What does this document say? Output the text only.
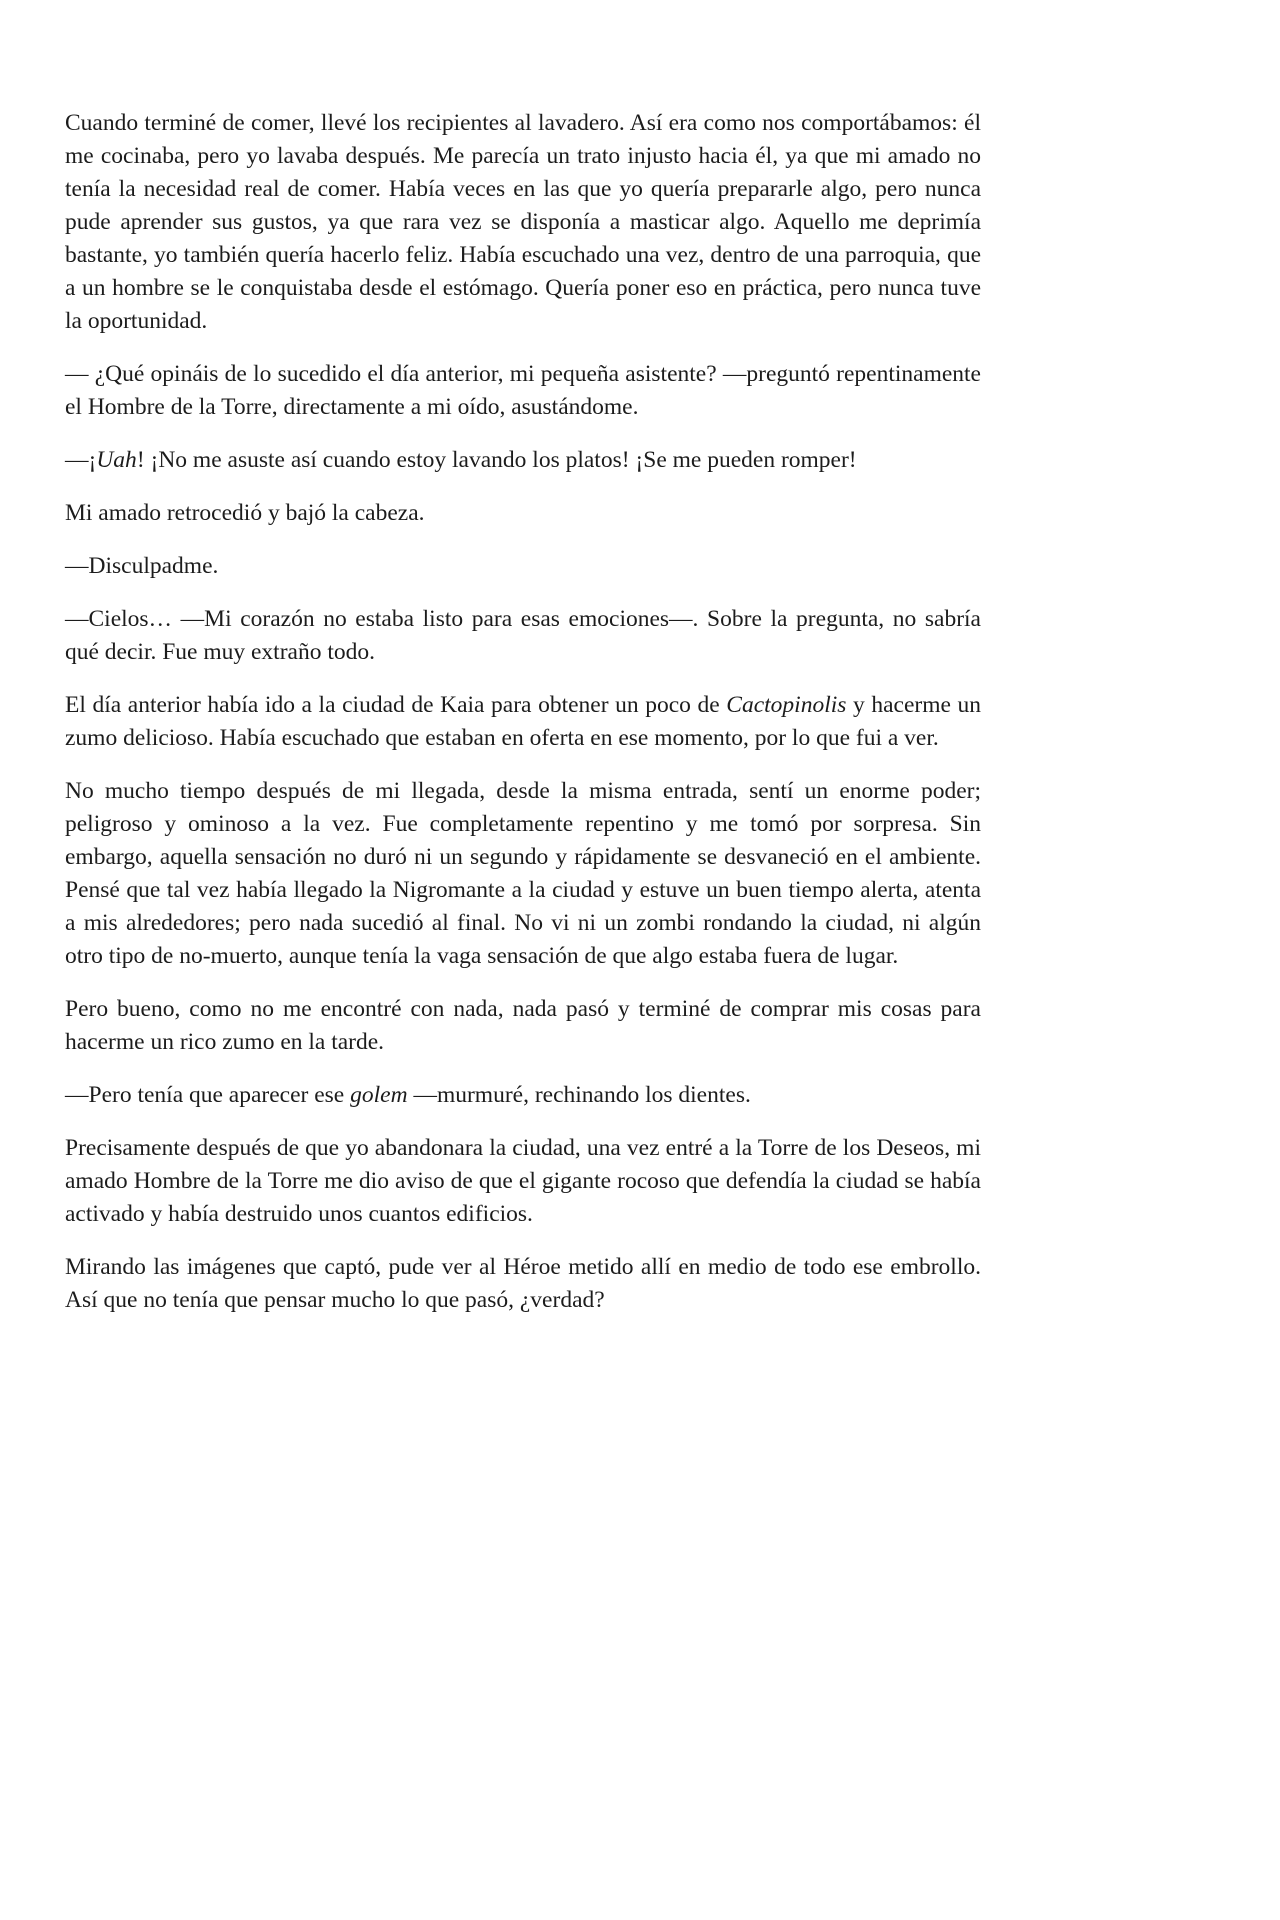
Cuando terminé de comer, llevé los recipientes al lavadero. Así era como nos comportábamos: él me cocinaba, pero yo lavaba después. Me parecía un trato injusto hacia él, ya que mi amado no tenía la necesidad real de comer. Había veces en las que yo quería prepararle algo, pero nunca pude aprender sus gustos, ya que rara vez se disponía a masticar algo. Aquello me deprimía bastante, yo también quería hacerlo feliz. Había escuchado una vez, dentro de una parroquia, que a un hombre se le conquistaba desde el estómago. Quería poner eso en práctica, pero nunca tuve la oportunidad.

— ¿Qué opináis de lo sucedido el día anterior, mi pequeña asistente? —preguntó repentinamente el Hombre de la Torre, directamente a mi oído, asustándome.

—¡Uah! ¡No me asuste así cuando estoy lavando los platos! ¡Se me pueden romper!

Mi amado retrocedió y bajó la cabeza.

—Disculpadme.

—Cielos… —Mi corazón no estaba listo para esas emociones—. Sobre la pregunta, no sabría qué decir. Fue muy extraño todo.

El día anterior había ido a la ciudad de Kaia para obtener un poco de Cactopinolis y hacerme un zumo delicioso. Había escuchado que estaban en oferta en ese momento, por lo que fui a ver.

No mucho tiempo después de mi llegada, desde la misma entrada, sentí un enorme poder; peligroso y ominoso a la vez. Fue completamente repentino y me tomó por sorpresa. Sin embargo, aquella sensación no duró ni un segundo y rápidamente se desvaneció en el ambiente. Pensé que tal vez había llegado la Nigromante a la ciudad y estuve un buen tiempo alerta, atenta a mis alrededores; pero nada sucedió al final. No vi ni un zombi rondando la ciudad, ni algún otro tipo de no-muerto, aunque tenía la vaga sensación de que algo estaba fuera de lugar.

Pero bueno, como no me encontré con nada, nada pasó y terminé de comprar mis cosas para hacerme un rico zumo en la tarde.

—Pero tenía que aparecer ese golem —murmuré, rechinando los dientes.

Precisamente después de que yo abandonara la ciudad, una vez entré a la Torre de los Deseos, mi amado Hombre de la Torre me dio aviso de que el gigante rocoso que defendía la ciudad se había activado y había destruido unos cuantos edificios.

Mirando las imágenes que captó, pude ver al Héroe metido allí en medio de todo ese embrollo. Así que no tenía que pensar mucho lo que pasó, ¿verdad?
